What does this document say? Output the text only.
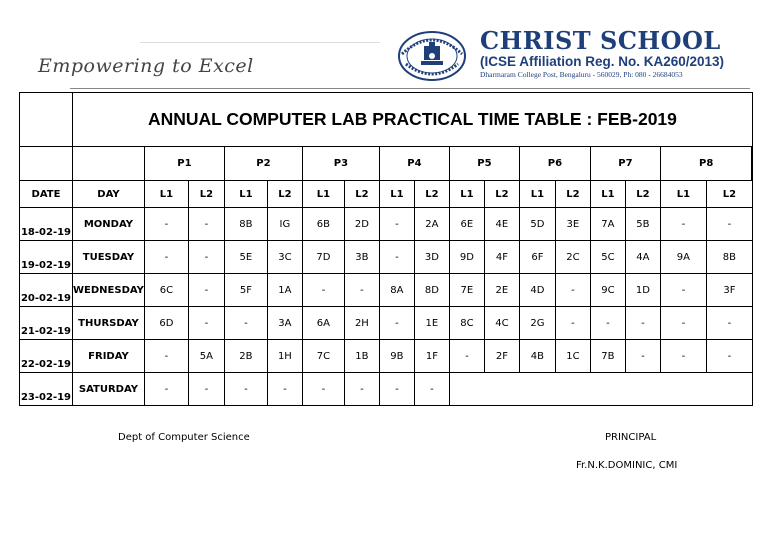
Empowering to Excel
CHRIST SCHOOL
(ICSE Affiliation Reg. No. KA260/2013)
Dharmaram College Post, Bengaluru - 560029, Ph: 080 - 26684053
	ANNUAL COMPUTER LAB PRACTICAL TIME TABLE : FEB-2019																
		P1		P2		P3		P4		P5		P6		P7		P8	
DATE	DAY	L1	L2	L1	L2	L1	L2	L1	L2	L1	L2	L1	L2	L1	L2	L1	L2
18-02-19	MONDAY	-	-	8B	IG	6B	2D	-	2A	6E	4E	5D	3E	7A	5B	-	-
19-02-19	TUESDAY	-	-	5E	3C	7D	3B	-	3D	9D	4F	6F	2C	5C	4A	9A	8B
20-02-19	WEDNESDAY	6C	-	5F	1A	-	-	8A	8D	7E	2E	4D	-	9C	1D	-	3F
21-02-19	THURSDAY	6D	-	-	3A	6A	2H	-	1E	8C	4C	2G	-	-	-	-	-
22-02-19	FRIDAY	-	5A	2B	1H	7C	1B	9B	1F	-	2F	4B	1C	7B	-	-	-
23-02-19	SATURDAY	-	-	-	-	-	-	-	-								
Dept of Computer Science	PRINCIPAL
Fr.N.K.DOMINIC, CMI
